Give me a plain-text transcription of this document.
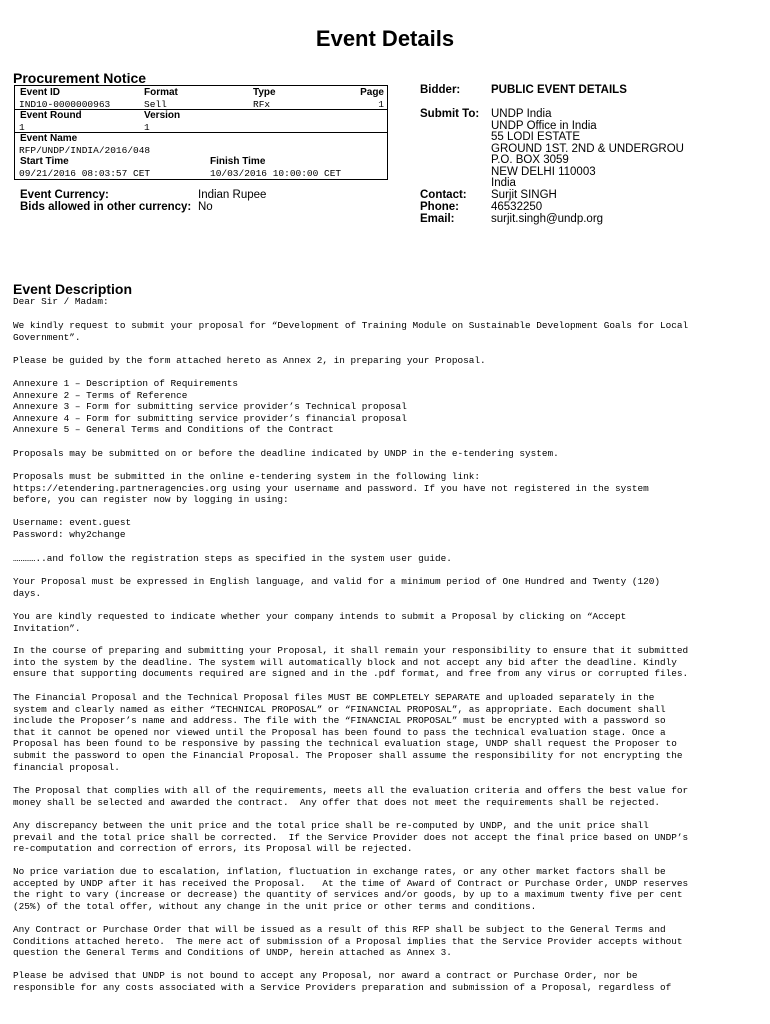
Event Details
Procurement Notice
Event ID	Format	Type	Page
IND10-0000000963	Sell	RFx	1
Event Round	Version
1	1
Event Name
RFP/UNDP/INDIA/2016/048
Start Time	Finish Time
09/21/2016 08:03:57 CET	10/03/2016 10:00:00 CET
Event Currency:	Indian Rupee
Bids allowed in other currency: No
Bidder:	PUBLIC EVENT DETAILS
Submit To: UNDP India
UNDP Office in India
55 LODI ESTATE
GROUND 1ST. 2ND & UNDERGROU
P.O. BOX 3059
NEW DELHI 110003
India
Contact: Surjit SINGH
Phone:	46532250
Email:	surjit.singh@undp.org
Event Description

Dear Sir / Madam:

We kindly request to submit your proposal for “Development of Training Module on Sustainable Development Goals for Local
Government”.

Please be guided by the form attached hereto as Annex 2, in preparing your Proposal.

Annexure 1 – Description of Requirements
Annexure 2 – Terms of Reference
Annexure 3 – Form for submitting service provider’s Technical proposal
Annexure 4 – Form for submitting service provider’s financial proposal
Annexure 5 – General Terms and Conditions of the Contract

Proposals may be submitted on or before the deadline indicated by UNDP in the e-tendering system.

Proposals must be submitted in the online e-tendering system in the following link:
https://etendering.partneragencies.org using your username and password. If you have not registered in the system
before, you can register now by logging in using:

Username: event.guest
Password: why2change

…………..and follow the registration steps as specified in the system user guide.

Your Proposal must be expressed in English language, and valid for a minimum period of One Hundred and Twenty (120)
days.

You are kindly requested to indicate whether your company intends to submit a Proposal by clicking on “Accept
Invitation”.

In the course of preparing and submitting your Proposal, it shall remain your responsibility to ensure that it submitted
into the system by the deadline. The system will automatically block and not accept any bid after the deadline. Kindly
ensure that supporting documents required are signed and in the .pdf format, and free from any virus or corrupted files.

The Financial Proposal and the Technical Proposal files MUST BE COMPLETELY SEPARATE and uploaded separately in the
system and clearly named as either “TECHNICAL PROPOSAL” or “FINANCIAL PROPOSAL”, as appropriate. Each document shall
include the Proposer’s name and address. The file with the “FINANCIAL PROPOSAL” must be encrypted with a password so
that it cannot be opened nor viewed until the Proposal has been found to pass the technical evaluation stage. Once a
Proposal has been found to be responsive by passing the technical evaluation stage, UNDP shall request the Proposer to
submit the password to open the Financial Proposal. The Proposer shall assume the responsibility for not encrypting the
financial proposal.

The Proposal that complies with all of the requirements, meets all the evaluation criteria and offers the best value for
money shall be selected and awarded the contract.  Any offer that does not meet the requirements shall be rejected.

Any discrepancy between the unit price and the total price shall be re-computed by UNDP, and the unit price shall
prevail and the total price shall be corrected.  If the Service Provider does not accept the final price based on UNDP’s
re-computation and correction of errors, its Proposal will be rejected.

No price variation due to escalation, inflation, fluctuation in exchange rates, or any other market factors shall be
accepted by UNDP after it has received the Proposal.   At the time of Award of Contract or Purchase Order, UNDP reserves
the right to vary (increase or decrease) the quantity of services and/or goods, by up to a maximum twenty five per cent
(25%) of the total offer, without any change in the unit price or other terms and conditions.

Any Contract or Purchase Order that will be issued as a result of this RFP shall be subject to the General Terms and
Conditions attached hereto.  The mere act of submission of a Proposal implies that the Service Provider accepts without
question the General Terms and Conditions of UNDP, herein attached as Annex 3.

Please be advised that UNDP is not bound to accept any Proposal, nor award a contract or Purchase Order, nor be
responsible for any costs associated with a Service Providers preparation and submission of a Proposal, regardless of
